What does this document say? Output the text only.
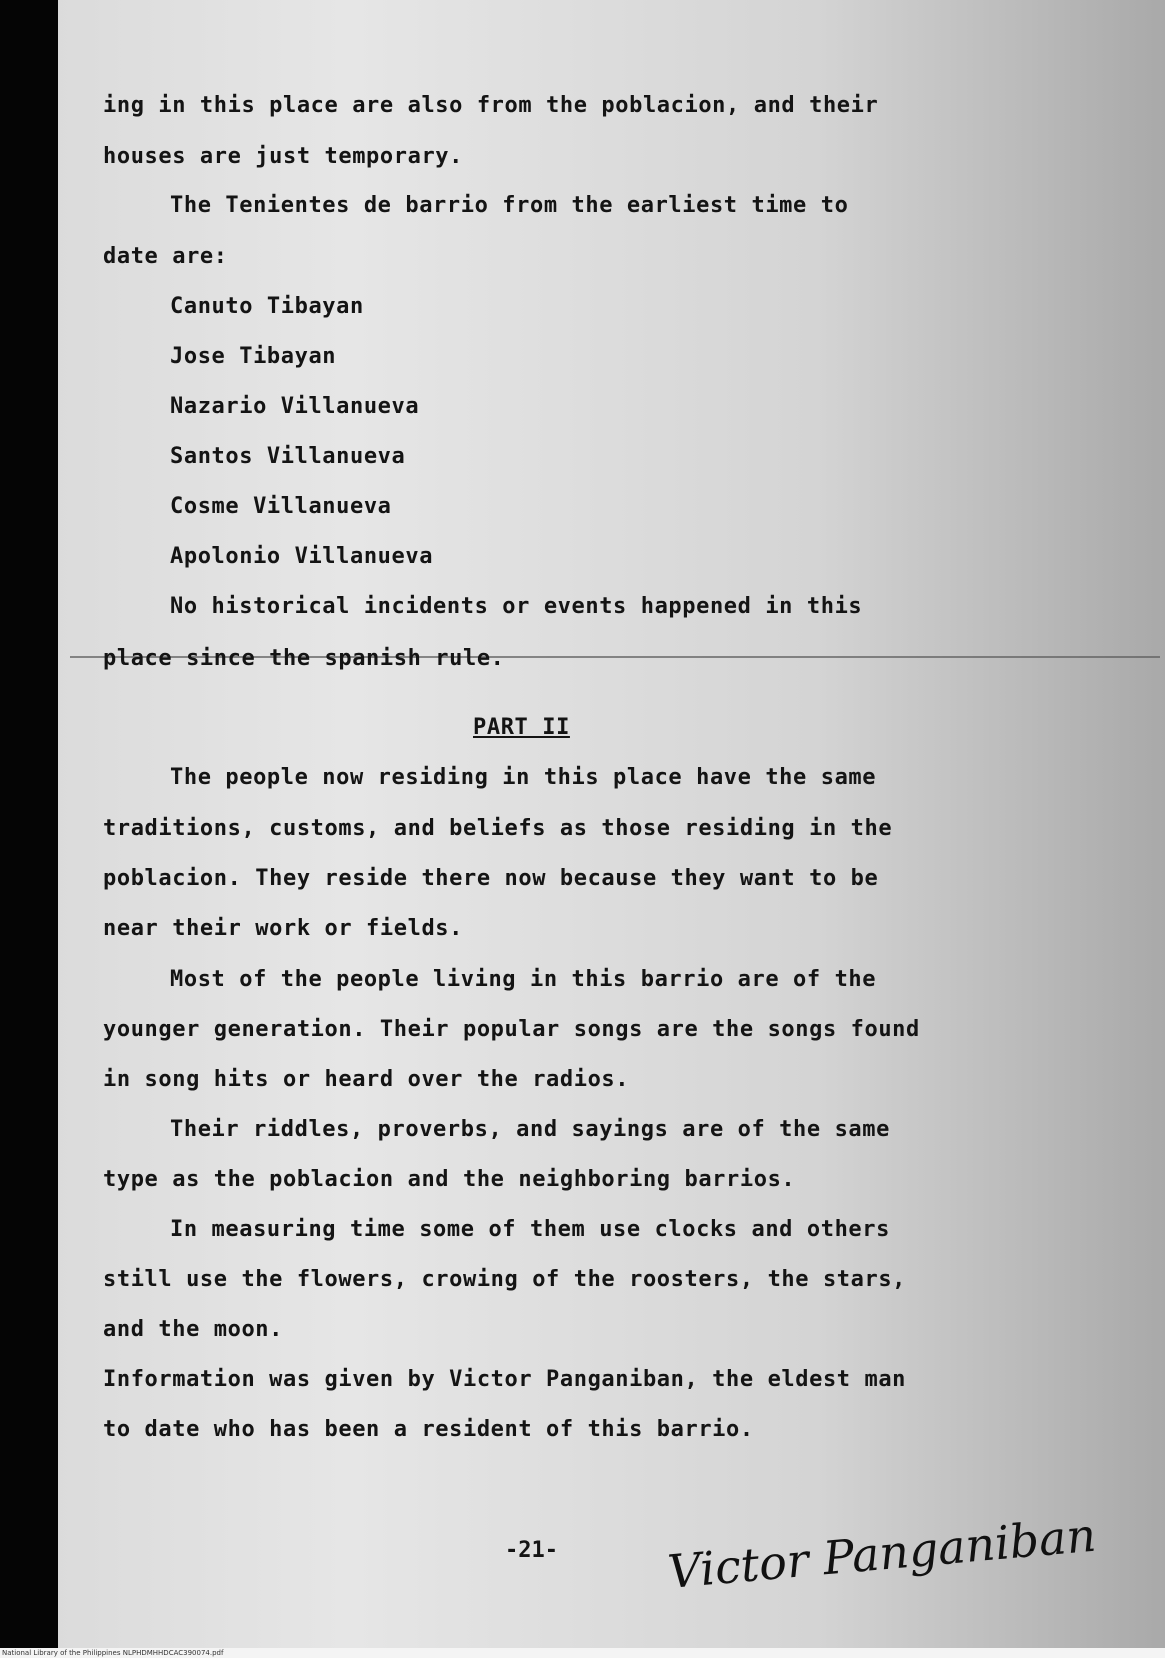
ing in this place are also from the poblacion, and their
houses are just temporary.
The Tenientes de barrio from the earliest time to
date are:
Canuto Tibayan
Jose Tibayan
Nazario Villanueva
Santos Villanueva
Cosme Villanueva
Apolonio Villanueva
No historical incidents or events happened in this
place since the spanish rule.
PART II
The people now residing in this place have the same
traditions, customs, and beliefs as those residing in the
poblacion. They reside there now because they want to be
near their work or fields.
Most of the people living in this barrio are of the
younger generation. Their popular songs are the songs found
in song hits or heard over the radios.
Their riddles, proverbs, and sayings are of the same
type as the poblacion and the neighboring barrios.
In measuring time some of them use clocks and others
still use the flowers, crowing of the roosters, the stars,
and the moon.
Information was given by Victor Panganiban, the eldest man
to date who has been a resident of this barrio.
-21- Victor Panganiban
National Library of the Philippines NLPHDMHHDCAC390074.pdf
